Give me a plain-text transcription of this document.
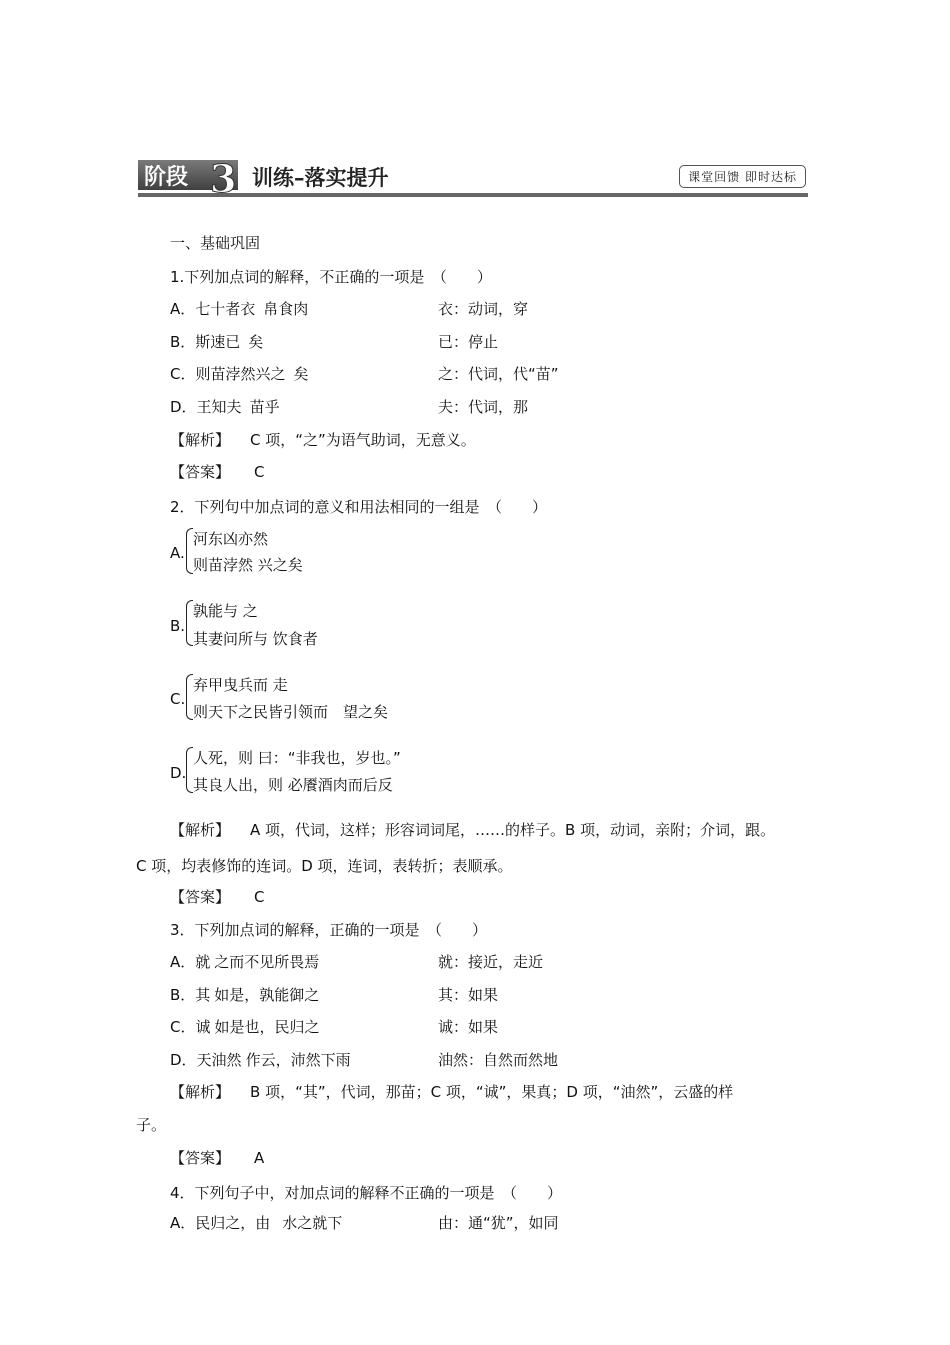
阶段 3 训练–落实提升	课堂回馈 即时达标
一、基础巩固
1.下列加点词的解释，不正确的一项是　（　　）
A．七十者衣 帛食肉	衣：动词，穿
B．斯速已 矣	已：停止
C．则苗浡然兴之 矣	之：代词，代“苗”
D．王知夫 苗乎	夫：代词，那
【解析】 C 项，“之”为语气助词，无意义。
【答案】 C
2．下列句中加点词的意义和用法相同的一组是　（　　）
A.
河东凶亦然
则苗浡然 兴之矣
B.
孰能与 之
其妻问所与 饮食者
C.
弃甲曳兵而 走
则天下之民皆引领而　望之矣
D.
人死，则 曰：“非我也，岁也。”
其良人出，则 必餍酒肉而后反
【解析】 A 项，代词，这样；形容词词尾，……的样子。B 项，动词，亲附；介词，跟。
C 项，均表修饰的连词。D 项，连词，表转折；表顺承。
【答案】 C
3．下列加点词的解释，正确的一项是　（　　）
A．就 之而不见所畏焉	就：接近，走近
B．其 如是，孰能御之	其：如果
C．诚 如是也，民归之	诚：如果
D．天油然 作云，沛然下雨	油然：自然而然地
【解析】 B 项，“其”，代词，那苗；C 项，“诚”，果真；D 项，“油然”，云盛的样
子。
【答案】 A
4．下列句子中，对加点词的解释不正确的一项是　（　　）
A．民归之，由 水之就下	由：通“犹”，如同
